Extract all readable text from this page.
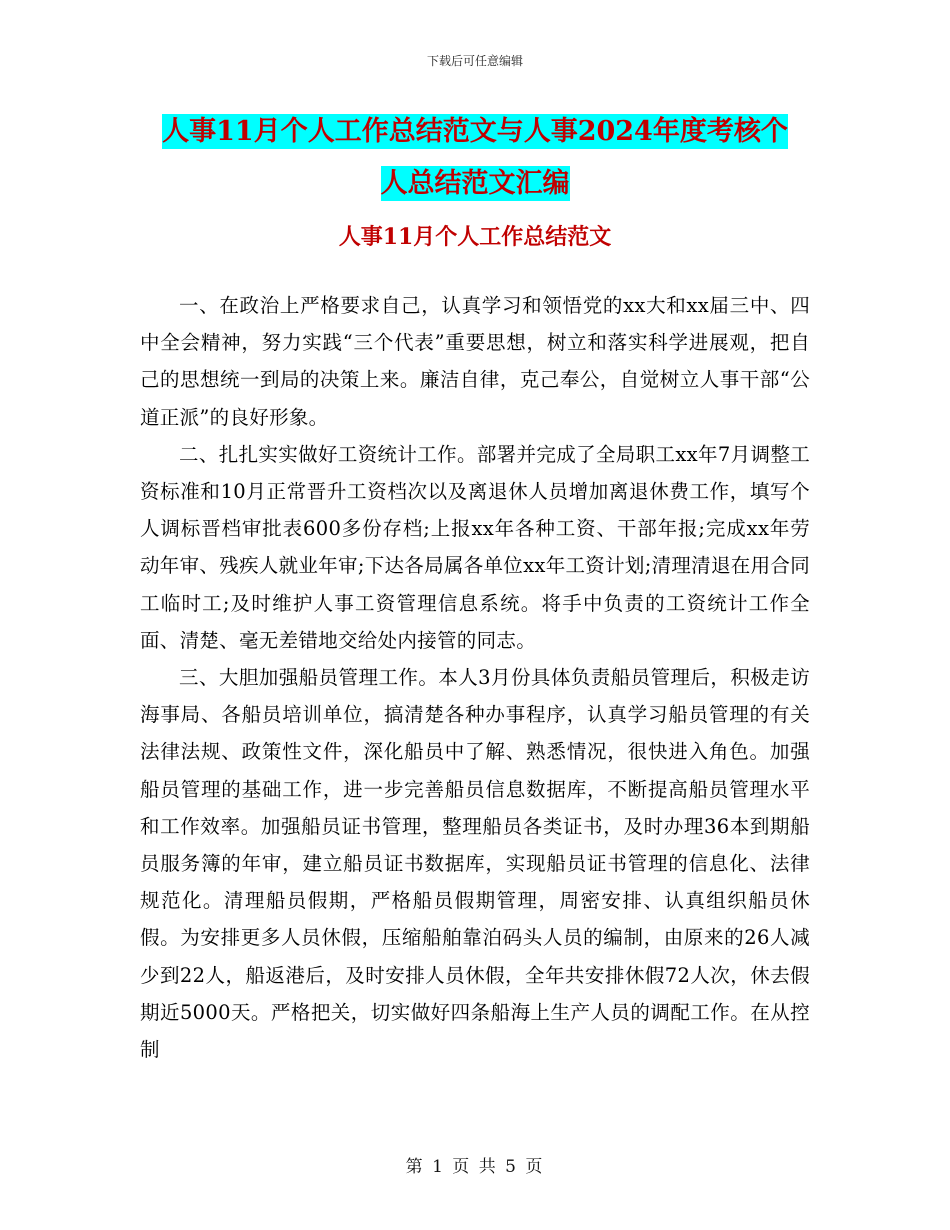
下载后可任意编辑
人事11月个人工作总结范文与人事2024年度考核个
人总结范文汇编
人事11月个人工作总结范文

一、在政治上严格要求自己，认真学习和领悟党的xx大和xx届三中、四中全会精神，努力实践“三个代表”重要思想，树立和落实科学进展观，把自己的思想统一到局的决策上来。廉洁自律，克己奉公，自觉树立人事干部“公道正派”的良好形象。

二、扎扎实实做好工资统计工作。部署并完成了全局职工xx年7月调整工资标准和10月正常晋升工资档次以及离退休人员增加离退休费工作，填写个人调标晋档审批表600多份存档;上报xx年各种工资、干部年报;完成xx年劳动年审、残疾人就业年审;下达各局属各单位xx年工资计划;清理清退在用合同工临时工;及时维护人事工资管理信息系统。将手中负责的工资统计工作全面、清楚、毫无差错地交给处内接管的同志。

三、大胆加强船员管理工作。本人3月份具体负责船员管理后，积极走访海事局、各船员培训单位，搞清楚各种办事程序，认真学习船员管理的有关法律法规、政策性文件，深化船员中了解、熟悉情况，很快进入角色。加强船员管理的基础工作，进一步完善船员信息数据库，不断提高船员管理水平和工作效率。加强船员证书管理，整理船员各类证书，及时办理36本到期船员服务簿的年审，建立船员证书数据库，实现船员证书管理的信息化、法律规范化。清理船员假期，严格船员假期管理，周密安排、认真组织船员休假。为安排更多人员休假，压缩船舶靠泊码头人员的编制，由原来的26人减少到22人，船返港后，及时安排人员休假，全年共安排休假72人次，休去假期近5000天。严格把关，切实做好四条船海上生产人员的调配工作。在从控制

第 1 页 共 5 页
